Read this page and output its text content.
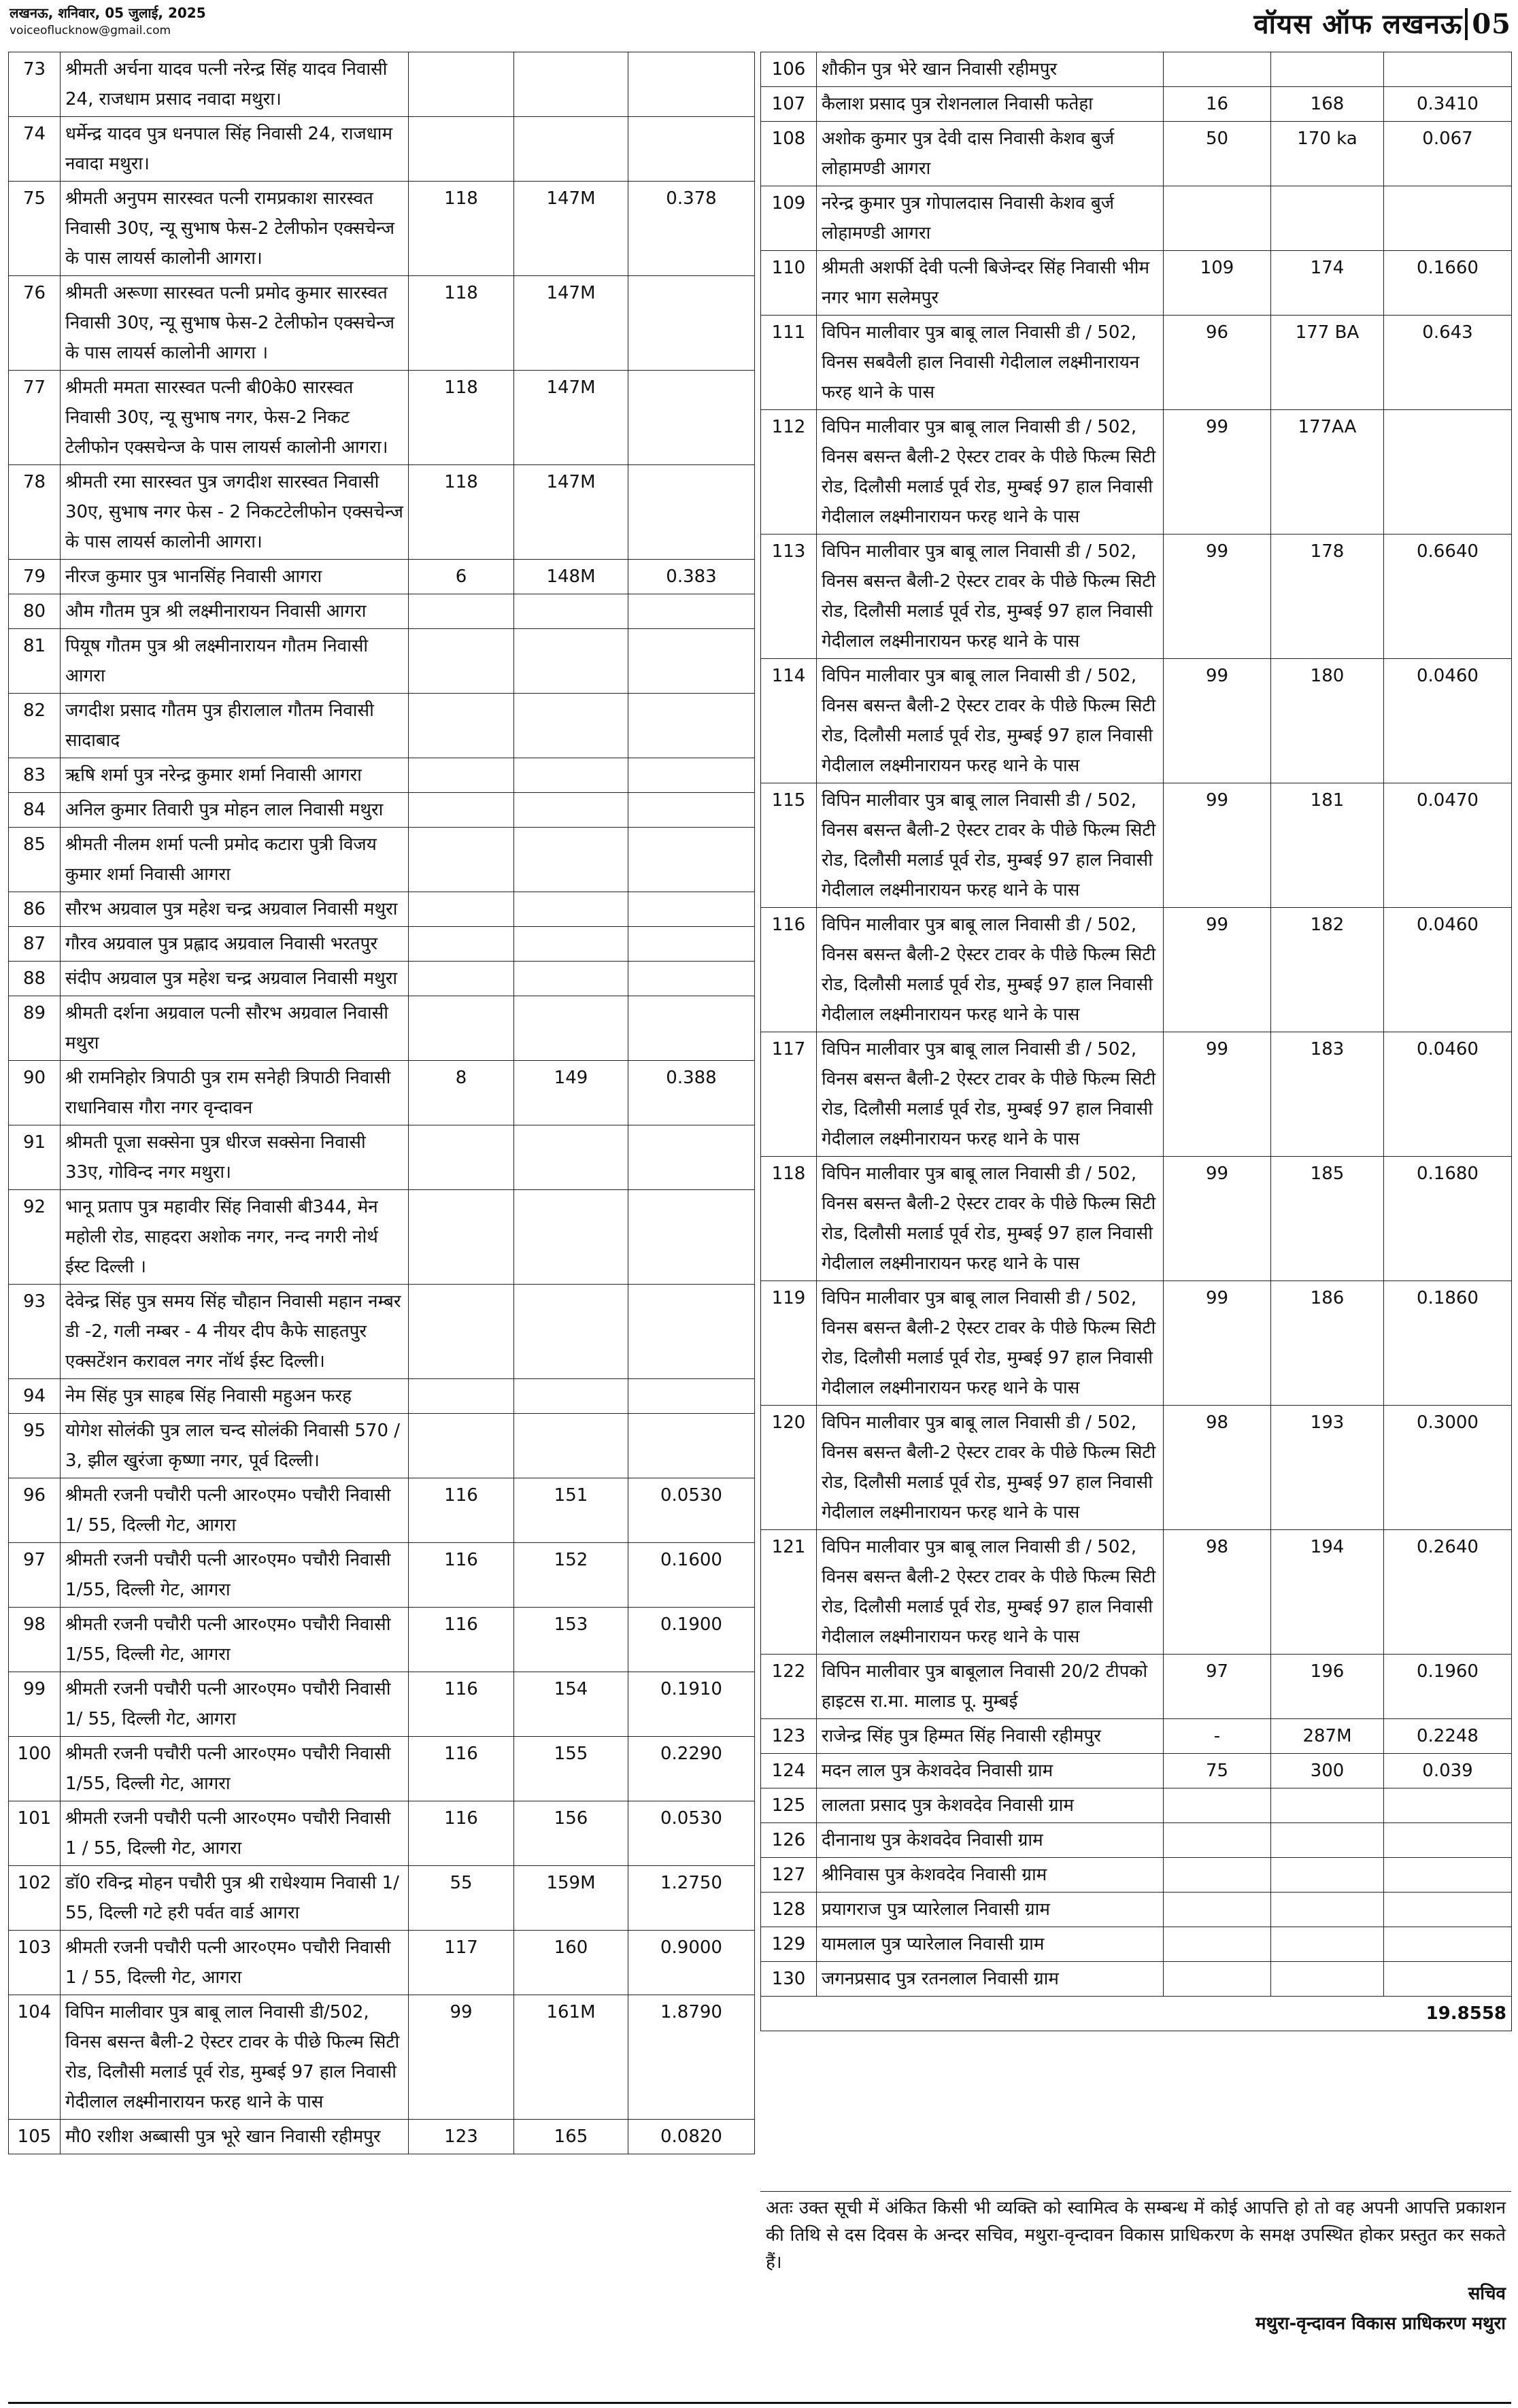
लखनऊ, शनिवार, 05 जुलाई, 2025
voiceoflucknow@gmail.com	वॉयस ऑफ लखनऊ 05
73	श्रीमती अर्चना यादव पत्नी नरेन्द्र सिंह यादव निवासी 24, राजधाम प्रसाद नवादा मथुरा।			
74	धर्मेन्द्र यादव पुत्र धनपाल सिंह निवासी 24, राजधाम नवादा मथुरा।			
75	श्रीमती अनुपम सारस्वत पत्नी रामप्रकाश सारस्वत निवासी 30ए, न्यू सुभाष फेस-2 टेलीफोन एक्सचेन्ज के पास लायर्स कालोनी आगरा।	118	147M	0.378
76	श्रीमती अरूणा सारस्वत पत्नी प्रमोद कुमार सारस्वत निवासी 30ए, न्यू सुभाष फेस-2 टेलीफोन एक्सचेन्ज के पास लायर्स कालोनी आगरा ।	118	147M	
77	श्रीमती ममता सारस्वत पत्नी बी0के0 सारस्वत निवासी 30ए, न्यू सुभाष नगर, फेस-2 निकट टेलीफोन एक्सचेन्ज के पास लायर्स कालोनी आगरा।	118	147M	
78	श्रीमती रमा सारस्वत पुत्र जगदीश सारस्वत निवासी 30ए, सुभाष नगर फेस - 2 निकटटेलीफोन एक्सचेन्ज के पास लायर्स कालोनी आगरा।	118	147M	
79	नीरज कुमार पुत्र भानसिंह निवासी आगरा	6	148M	0.383
80	औम गौतम पुत्र श्री लक्ष्मीनारायन निवासी आगरा			
81	पियूष गौतम पुत्र श्री लक्ष्मीनारायन गौतम निवासी आगरा			
82	जगदीश प्रसाद गौतम पुत्र हीरालाल गौतम निवासी सादाबाद			
83	ऋषि शर्मा पुत्र नरेन्द्र कुमार शर्मा निवासी आगरा			
84	अनिल कुमार तिवारी पुत्र मोहन लाल निवासी मथुरा			
85	श्रीमती नीलम शर्मा पत्नी प्रमोद कटारा पुत्री विजय कुमार शर्मा निवासी आगरा			
86	सौरभ अग्रवाल पुत्र महेश चन्द्र अग्रवाल निवासी मथुरा			
87	गौरव अग्रवाल पुत्र प्रह्लाद अग्रवाल निवासी भरतपुर			
88	संदीप अग्रवाल पुत्र महेश चन्द्र अग्रवाल निवासी मथुरा			
89	श्रीमती दर्शना अग्रवाल पत्नी सौरभ अग्रवाल निवासी मथुरा			
90	श्री रामनिहोर त्रिपाठी पुत्र राम सनेही त्रिपाठी निवासी राधानिवास गौरा नगर वृन्दावन	8	149	0.388
91	श्रीमती पूजा सक्सेना पुत्र धीरज सक्सेना निवासी 33ए, गोविन्द नगर मथुरा।			
92	भानू प्रताप पुत्र महावीर सिंह निवासी बी344, मेन महोली रोड, साहदरा अशोक नगर, नन्द नगरी नोर्थ ईस्ट दिल्ली ।			
93	देवेन्द्र सिंह पुत्र समय सिंह चौहान निवासी महान नम्बर डी -2, गली नम्बर - 4 नीयर दीप कैफे साहतपुर एक्सटेंशन करावल नगर नॉर्थ ईस्ट दिल्ली।			
94	नेम सिंह पुत्र साहब सिंह निवासी महुअन फरह			
95	योगेश सोलंकी पुत्र लाल चन्द सोलंकी निवासी 570 / 3, झील खुरंजा कृष्णा नगर, पूर्व दिल्ली।			
96	श्रीमती रजनी पचौरी पत्नी आर०एम० पचौरी निवासी 1/ 55, दिल्ली गेट, आगरा	116	151	0.0530
97	श्रीमती रजनी पचौरी पत्नी आर०एम० पचौरी निवासी 1/55, दिल्ली गेट, आगरा	116	152	0.1600
98	श्रीमती रजनी पचौरी पत्नी आर०एम० पचौरी निवासी 1/55, दिल्ली गेट, आगरा	116	153	0.1900
99	श्रीमती रजनी पचौरी पत्नी आर०एम० पचौरी निवासी 1/ 55, दिल्ली गेट, आगरा	116	154	0.1910
100	श्रीमती रजनी पचौरी पत्नी आर०एम० पचौरी निवासी 1/55, दिल्ली गेट, आगरा	116	155	0.2290
101	श्रीमती रजनी पचौरी पत्नी आर०एम० पचौरी निवासी 1 / 55, दिल्ली गेट, आगरा	116	156	0.0530
102	डॉ0 रविन्द्र मोहन पचौरी पुत्र श्री राधेश्याम निवासी 1/ 55, दिल्ली गटे हरी पर्वत वार्ड आगरा	55	159M	1.2750
103	श्रीमती रजनी पचौरी पत्नी आर०एम० पचौरी निवासी 1 / 55, दिल्ली गेट, आगरा	117	160	0.9000
104	विपिन मालीवार पुत्र बाबू लाल निवासी डी/502, विनस बसन्त बैली-2 ऐस्टर टावर के पीछे फिल्म सिटी रोड, दिलौसी मलार्ड पूर्व रोड, मुम्बई 97 हाल निवासी गेदीलाल लक्ष्मीनारायन फरह थाने के पास	99	161M	1.8790
105	मौ0 रशीश अब्बासी पुत्र भूरे खान निवासी रहीमपुर	123	165	0.0820
106	शौकीन पुत्र भेरे खान निवासी रहीमपुर			
107	कैलाश प्रसाद पुत्र रोशनलाल निवासी फतेहा	16	168	0.3410
108	अशोक कुमार पुत्र देवी दास निवासी केशव बुर्ज लोहामण्डी आगरा	50	170 ka	0.067
109	नरेन्द्र कुमार पुत्र गोपालदास निवासी केशव बुर्ज लोहामण्डी आगरा			
110	श्रीमती अशर्फी देवी पत्नी बिजेन्दर सिंह निवासी भीम नगर भाग सलेमपुर	109	174	0.1660
111	विपिन मालीवार पुत्र बाबू लाल निवासी डी / 502, विनस सबवैली हाल निवासी गेदीलाल लक्ष्मीनारायन फरह थाने के पास	96	177 BA	0.643
112	विपिन मालीवार पुत्र बाबू लाल निवासी डी / 502, विनस बसन्त बैली-2 ऐस्टर टावर के पीछे फिल्म सिटी रोड, दिलौसी मलार्ड पूर्व रोड, मुम्बई 97 हाल निवासी गेदीलाल लक्ष्मीनारायन फरह थाने के पास	99	177AA	
113	विपिन मालीवार पुत्र बाबू लाल निवासी डी / 502, विनस बसन्त बैली-2 ऐस्टर टावर के पीछे फिल्म सिटी रोड, दिलौसी मलार्ड पूर्व रोड, मुम्बई 97 हाल निवासी गेदीलाल लक्ष्मीनारायन फरह थाने के पास	99	178	0.6640
114	विपिन मालीवार पुत्र बाबू लाल निवासी डी / 502, विनस बसन्त बैली-2 ऐस्टर टावर के पीछे फिल्म सिटी रोड, दिलौसी मलार्ड पूर्व रोड, मुम्बई 97 हाल निवासी गेदीलाल लक्ष्मीनारायन फरह थाने के पास	99	180	0.0460
115	विपिन मालीवार पुत्र बाबू लाल निवासी डी / 502, विनस बसन्त बैली-2 ऐस्टर टावर के पीछे फिल्म सिटी रोड, दिलौसी मलार्ड पूर्व रोड, मुम्बई 97 हाल निवासी गेदीलाल लक्ष्मीनारायन फरह थाने के पास	99	181	0.0470
116	विपिन मालीवार पुत्र बाबू लाल निवासी डी / 502, विनस बसन्त बैली-2 ऐस्टर टावर के पीछे फिल्म सिटी रोड, दिलौसी मलार्ड पूर्व रोड, मुम्बई 97 हाल निवासी गेदीलाल लक्ष्मीनारायन फरह थाने के पास	99	182	0.0460
117	विपिन मालीवार पुत्र बाबू लाल निवासी डी / 502, विनस बसन्त बैली-2 ऐस्टर टावर के पीछे फिल्म सिटी रोड, दिलौसी मलार्ड पूर्व रोड, मुम्बई 97 हाल निवासी गेदीलाल लक्ष्मीनारायन फरह थाने के पास	99	183	0.0460
118	विपिन मालीवार पुत्र बाबू लाल निवासी डी / 502, विनस बसन्त बैली-2 ऐस्टर टावर के पीछे फिल्म सिटी रोड, दिलौसी मलार्ड पूर्व रोड, मुम्बई 97 हाल निवासी गेदीलाल लक्ष्मीनारायन फरह थाने के पास	99	185	0.1680
119	विपिन मालीवार पुत्र बाबू लाल निवासी डी / 502, विनस बसन्त बैली-2 ऐस्टर टावर के पीछे फिल्म सिटी रोड, दिलौसी मलार्ड पूर्व रोड, मुम्बई 97 हाल निवासी गेदीलाल लक्ष्मीनारायन फरह थाने के पास	99	186	0.1860
120	विपिन मालीवार पुत्र बाबू लाल निवासी डी / 502, विनस बसन्त बैली-2 ऐस्टर टावर के पीछे फिल्म सिटी रोड, दिलौसी मलार्ड पूर्व रोड, मुम्बई 97 हाल निवासी गेदीलाल लक्ष्मीनारायन फरह थाने के पास	98	193	0.3000
121	विपिन मालीवार पुत्र बाबू लाल निवासी डी / 502, विनस बसन्त बैली-2 ऐस्टर टावर के पीछे फिल्म सिटी रोड, दिलौसी मलार्ड पूर्व रोड, मुम्बई 97 हाल निवासी गेदीलाल लक्ष्मीनारायन फरह थाने के पास	98	194	0.2640
122	विपिन मालीवार पुत्र बाबूलाल निवासी 20/2 टीपको हाइटस रा.मा. मालाड पू. मुम्बई	97	196	0.1960
123	राजेन्द्र सिंह पुत्र हिम्मत सिंह निवासी रहीमपुर	-	287M	0.2248
124	मदन लाल पुत्र केशवदेव निवासी ग्राम	75	300	0.039
125	लालता प्रसाद पुत्र केशवदेव निवासी ग्राम			
126	दीनानाथ पुत्र केशवदेव निवासी ग्राम			
127	श्रीनिवास पुत्र केशवदेव निवासी ग्राम			
128	प्रयागराज पुत्र प्यारेलाल निवासी ग्राम			
129	यामलाल पुत्र प्यारेलाल निवासी ग्राम			
130	जगनप्रसाद पुत्र रतनलाल निवासी ग्राम			
19.8558				
अतः उक्त सूची में अंकित किसी भी व्यक्ति को स्वामित्व के सम्बन्ध में कोई आपत्ति हो तो वह अपनी आपत्ति प्रकाशन की तिथि से दस दिवस के अन्दर सचिव, मथुरा-वृन्दावन विकास प्राधिकरण के समक्ष उपस्थित होकर प्रस्तुत कर सकते हैं।
सचिव
मथुरा-वृन्दावन विकास प्राधिकरण मथुरा
